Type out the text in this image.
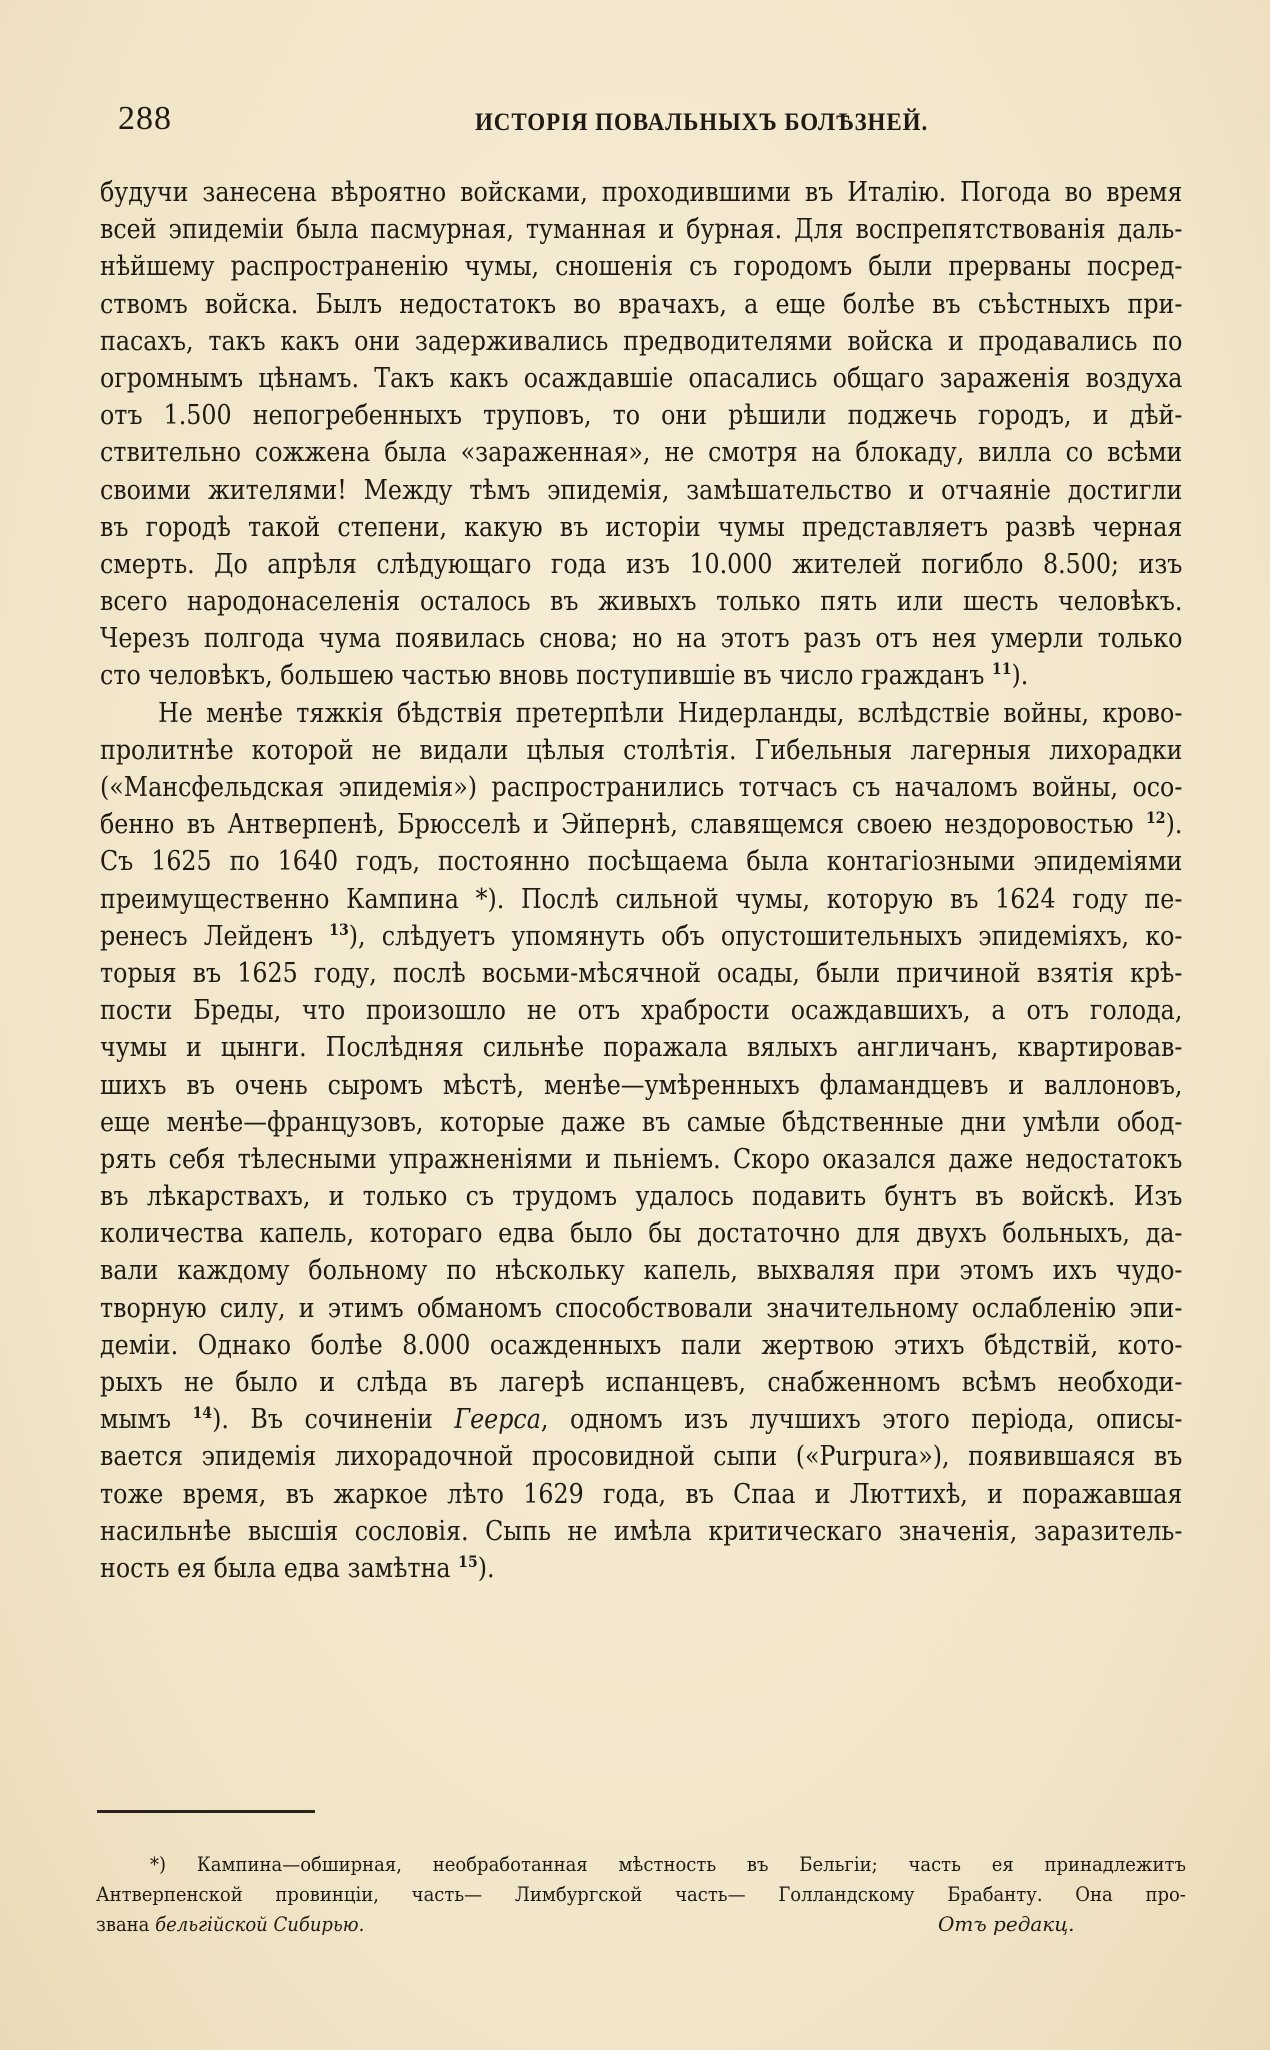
288	ИСТОРІЯ ПОВАЛЬНЫХЪ БОЛѢЗНЕЙ.
будучи занесена вѣроятно войсками, проходившими въ Италію. Погода во время
всей эпидеміи была пасмурная, туманная и бурная. Для воспрепятствованія даль-
нѣйшему распространенію чумы, сношенія съ городомъ были прерваны посред-
ствомъ войска. Былъ недостатокъ во врачахъ, а еще болѣе въ съѣстныхъ при-
пасахъ, такъ какъ они задерживались предводителями войска и продавались по
огромнымъ цѣнамъ. Такъ какъ осаждавшіе опасались общаго зараженія воздуха
отъ 1.500 непогребенныхъ труповъ, то они рѣшили поджечь городъ, и дѣй-
ствительно сожжена была «зараженная», не смотря на блокаду, вилла со всѣми
своими жителями! Между тѣмъ эпидемія, замѣшательство и отчаяніе достигли
въ городѣ такой степени, какую въ исторіи чумы представляетъ развѣ черная
смерть. До апрѣля слѣдующаго года изъ 10.000 жителей погибло 8.500; изъ
всего народонаселенія осталось въ живыхъ только пять или шесть человѣкъ.
Черезъ полгода чума появилась снова; но на этотъ разъ отъ нея умерли только
сто человѣкъ, большею частью вновь поступившіе въ число гражданъ $^{11}$).
Не менѣе тяжкія бѣдствія претерпѣли Нидерланды, вслѣдствіе войны, крово-
пролитнѣе которой не видали цѣлыя столѣтія. Гибельныя лагерныя лихорадки
(«Мансфельдская эпидемія») распространились тотчасъ съ началомъ войны, осо-
бенно въ Антверпенѣ, Брюсселѣ и Эйпернѣ, славящемся своею нездоровостью $^{12}$).
Съ 1625 по 1640 годъ, постоянно посѣщаема была контагіозными эпидеміями
преимущественно Кампина *). Послѣ сильной чумы, которую въ 1624 году пе-
ренесъ Лейденъ $^{13}$), слѣдуетъ упомянуть объ опустошительныхъ эпидеміяхъ, ко-
торыя въ 1625 году, послѣ восьми-мѣсячной осады, были причиной взятія крѣ-
пости Бреды, что произошло не отъ храбрости осаждавшихъ, а отъ голода,
чумы и цынги. Послѣдняя сильнѣе поражала вялыхъ англичанъ, квартировав-
шихъ въ очень сыромъ мѣстѣ, менѣе—умѣренныхъ фламандцевъ и валлоновъ,
еще менѣе—французовъ, которые даже въ самые бѣдственные дни умѣли обод-
рять себя тѣлесными упражненіями и пьніемъ. Скоро оказался даже недостатокъ
въ лѣкарствахъ, и только съ трудомъ удалось подавить бунтъ въ войскѣ. Изъ
количества капель, котораго едва было бы достаточно для двухъ больныхъ, да-
вали каждому больному по нѣскольку капель, выхваляя при этомъ ихъ чудо-
творную силу, и этимъ обманомъ способствовали значительному ослабленію эпи-
деміи. Однако болѣе 8.000 осажденныхъ пали жертвою этихъ бѣдствій, кото-
рыхъ не было и слѣда въ лагерѣ испанцевъ, снабженномъ всѣмъ необходи-
мымъ $^{14}$). Въ сочиненіи Геерса, одномъ изъ лучшихъ этого періода, описы-
вается эпидемія лихорадочной просовидной сыпи («Purpura»), появившаяся въ
тоже время, въ жаркое лѣто 1629 года, въ Спаа и Люттихѣ, и поражавшая
насильнѣе высшія сословія. Сыпь не имѣла критическаго значенія, заразитель-
ность ея была едва замѣтна $^{15}$).
*) Кампина—обширная, необработанная мѣстность въ Бельгіи; часть ея принадлежитъ
Антверпенской провинціи, часть— Лимбургской часть— Голландскому Брабанту. Она про-
звана бельгійской Сибирью.	Отъ редакц.
